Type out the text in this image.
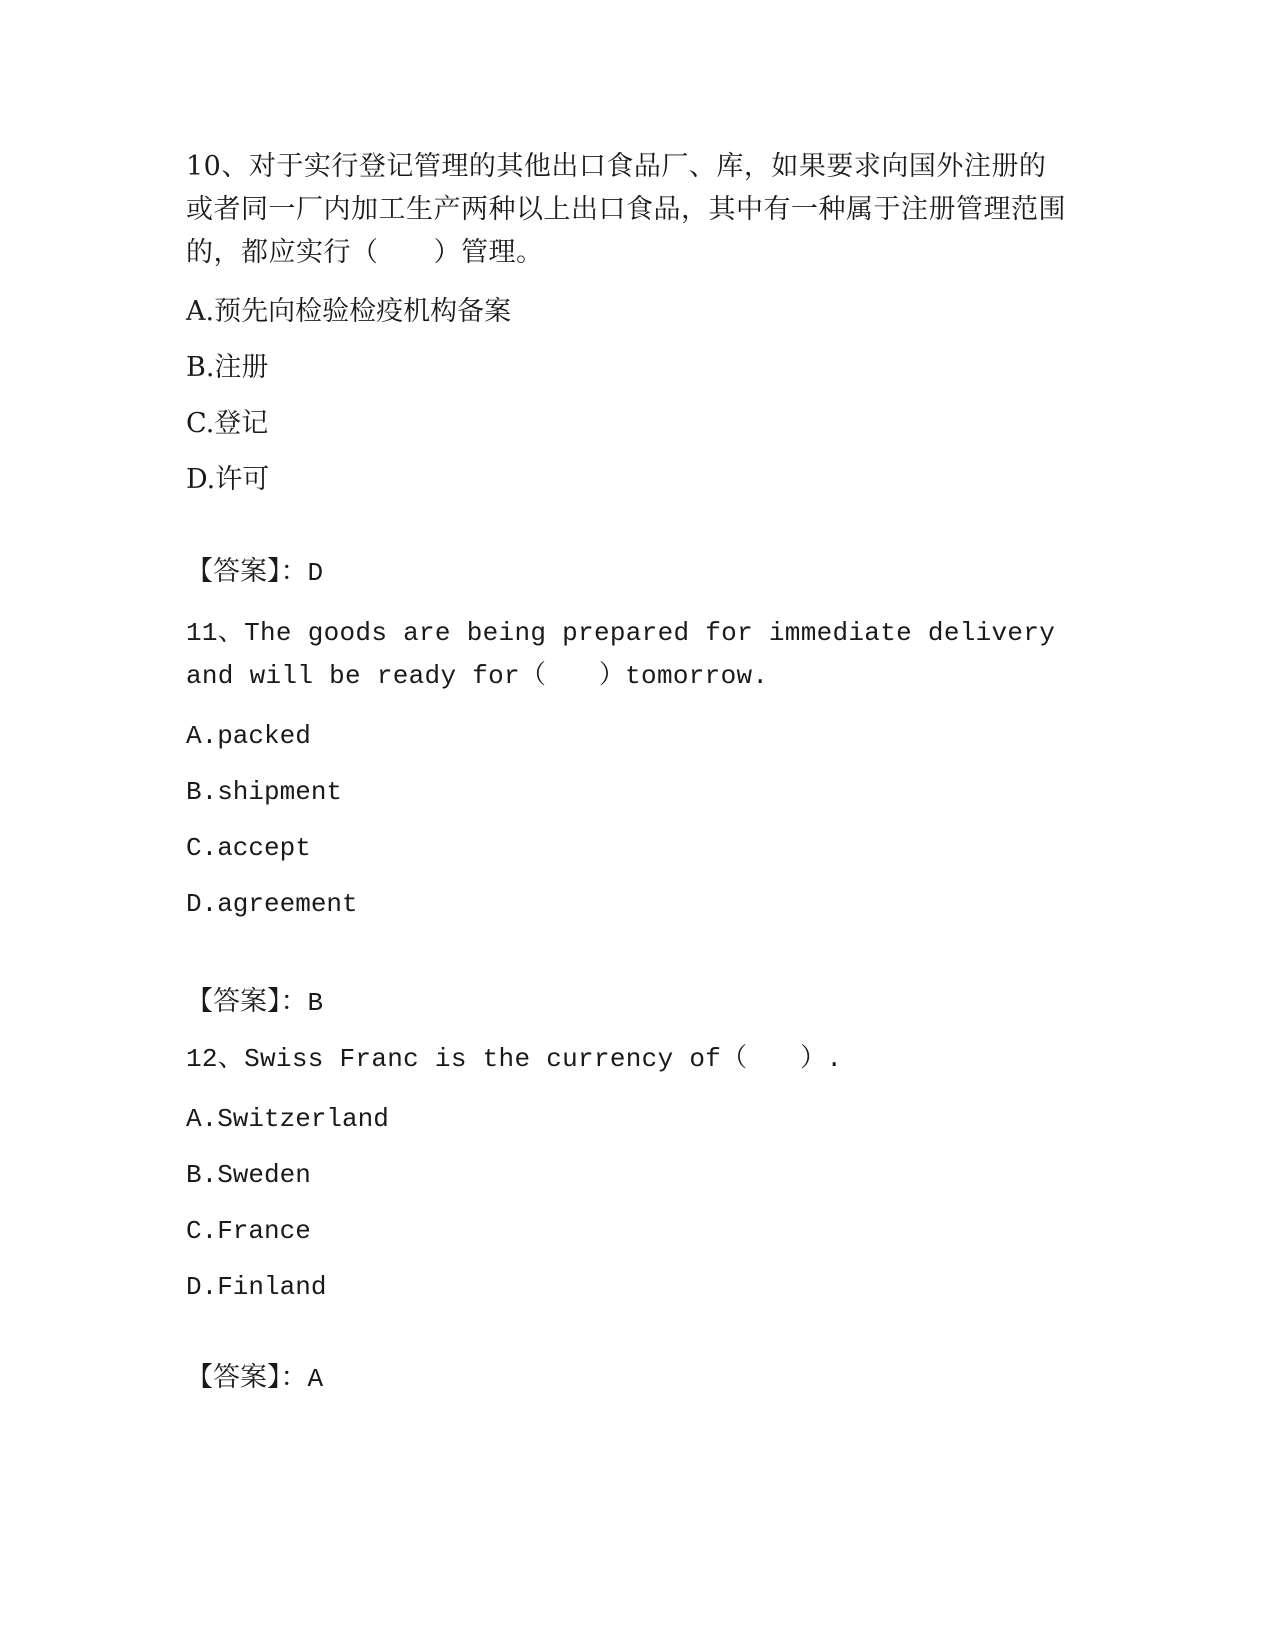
10、对于实行登记管理的其他出口食品厂、库，如果要求向国外注册的或者同一厂内加工生产两种以上出口食品，其中有一种属于注册管理范围的，都应实行（　　）管理。

A.预先向检验检疫机构备案
B.注册
C.登记
D.许可
【答案】：D

11、The goods are being prepared for immediate delivery and will be ready for（　　）tomorrow.

A.packed
B.shipment
C.accept
D.agreement
【答案】：B

12、Swiss Franc is the currency of（　　）.

A.Switzerland
B.Sweden
C.France
D.Finland
【答案】：A
